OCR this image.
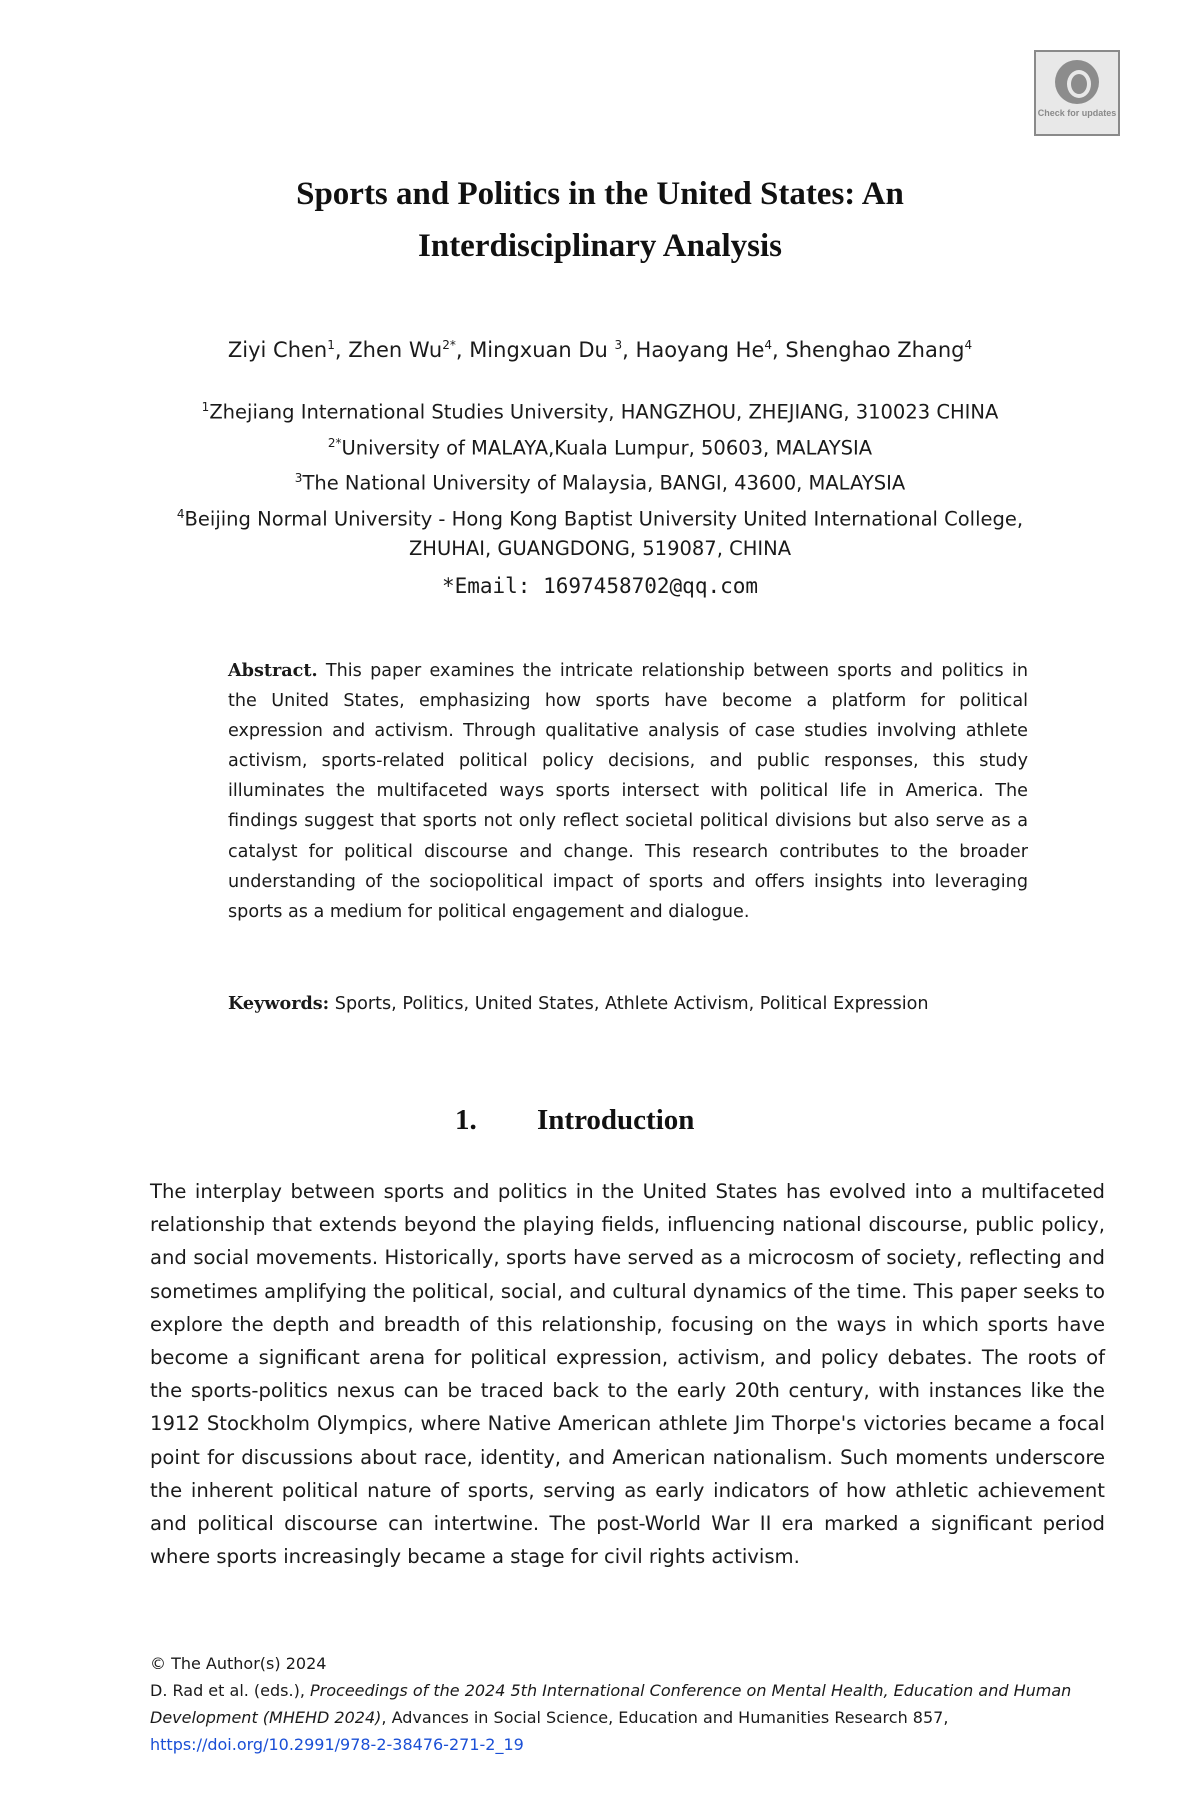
Check for updates
Sports and Politics in the United States: An
Interdisciplinary Analysis
Ziyi Chen$^1$, Zhen $Wu^{2*}$, Mingxuan Du $^3$, Haoyang He$^4$, Shenghao Zhang$^4$
$^1$Zhejiang International Studies University, HANGZHOU, ZHEJIANG, 310023 CHINA
$^{2*}$University of MALAYA,Kuala Lumpur, 50603, MALAYSIA
$^3$The National University of Malaysia, BANGI, 43600, MALAYSIA
$^4$Beijing Normal University - Hong Kong Baptist University United International College,
ZHUHAI, GUANGDONG, 519087, CHINA
*Email: 1697458702@qq.com
Abstract. This paper examines the intricate relationship between sports and politics in the United States, emphasizing how sports have become a platform for political expression and activism. Through qualitative analysis of case studies involving athlete activism, sports-related political policy decisions, and public responses, this study illuminates the multifaceted ways sports intersect with political life in America. The findings suggest that sports not only reflect societal political divisions but also serve as a catalyst for political discourse and change. This research contributes to the broader understanding of the sociopolitical impact of sports and offers insights into leveraging sports as a medium for political engagement and dialogue.
Keywords: Sports, Politics, United States, Athlete Activism, Political Expression
1. Introduction
The interplay between sports and politics in the United States has evolved into a multifaceted relationship that extends beyond the playing fields, influencing national discourse, public policy, and social movements. Historically, sports have served as a microcosm of society, reflecting and sometimes amplifying the political, social, and cultural dynamics of the time. This paper seeks to explore the depth and breadth of this relationship, focusing on the ways in which sports have become a significant arena for political expression, activism, and policy debates. The roots of the sports-politics nexus can be traced back to the early 20th century, with instances like the 1912 Stockholm Olympics, where Native American athlete Jim Thorpe's victories became a focal point for discussions about race, identity, and American nationalism. Such moments underscore the inherent political nature of sports, serving as early indicators of how athletic achievement and political discourse can intertwine. The post-World War II era marked a significant period where sports increasingly became a stage for civil rights activism.
© The Author(s) 2024
D. Rad et al. (eds.), Proceedings of the 2024 5th International Conference on Mental Health, Education and Human Development (MHEHD 2024), Advances in Social Science, Education and Humanities Research 857,
https://doi.org/10.2991/978-2-38476-271-2_19
